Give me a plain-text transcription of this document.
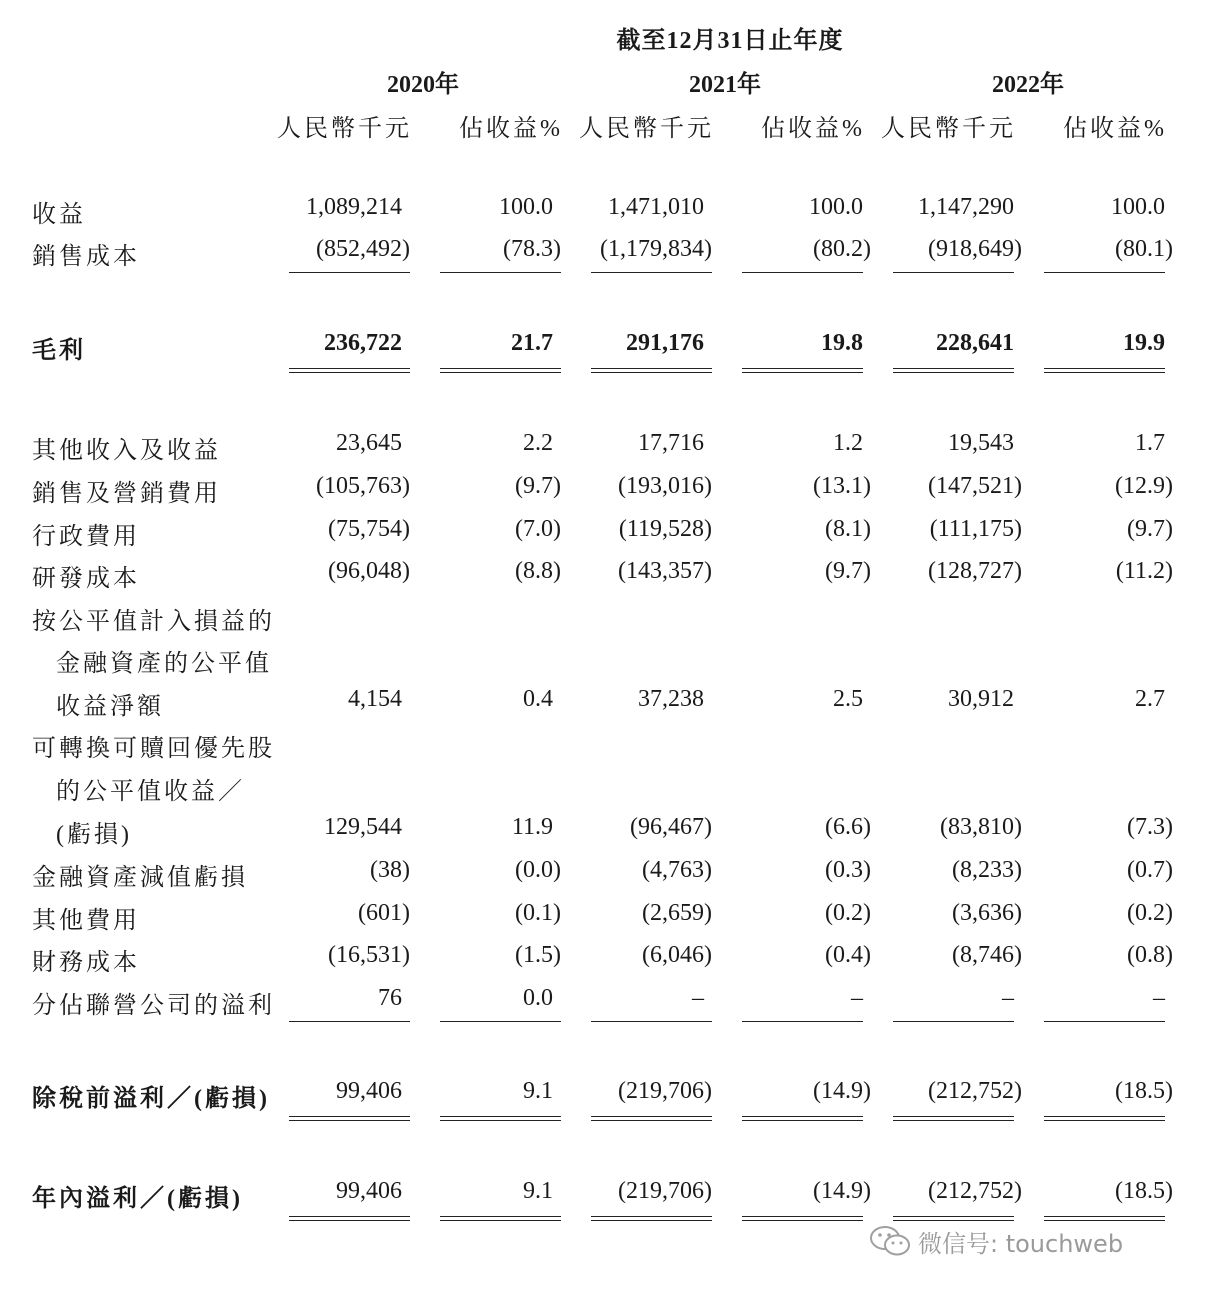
截至12月31日止年度
2020年	2021年	2022年
人民幣千元	佔收益% 人民幣千元	佔收益% 人民幣千元	佔收益%
收益	1,089,214	100.0	1,471,010	100.0	1,147,290	100.0
銷售成本	(852,492)	(78.3)	(1,179,834)	(80.2)	(918,649)	(80.1)
毛利	236,722	21.7	291,176	19.8	228,641	19.9
其他收入及收益	23,645	2.2	17,716	1.2	19,543	1.7
銷售及營銷費用	(105,763)	(9.7)	(193,016)	(13.1)	(147,521)	(12.9)
行政費用	(75,754)	(7.0)	(119,528)	(8.1)	(111,175)	(9.7)
研發成本	(96,048)	(8.8)	(143,357)	(9.7)	(128,727)	(11.2)
按公平值計入損益的
金融資產的公平值
收益淨額	4,154	0.4	37,238	2.5	30,912	2.7
可轉換可贖回優先股
的公平值收益／
(虧損)	129,544	11.9	(96,467)	(6.6)	(83,810)	(7.3)
金融資產減值虧損	(38)	(0.0)	(4,763)	(0.3)	(8,233)	(0.7)
其他費用	(601)	(0.1)	(2,659)	(0.2)	(3,636)	(0.2)
財務成本	(16,531)	(1.5)	(6,046)	(0.4)	(8,746)	(0.8)
分佔聯營公司的溢利	76	0.0	–	–	–	–
除稅前溢利／(虧損)	99,406	9.1	(219,706)	(14.9)	(212,752)	(18.5)
年內溢利／(虧損)	99,406	9.1	(219,706)	(14.9)	(212,752)	(18.5)
微信号: touchweb
